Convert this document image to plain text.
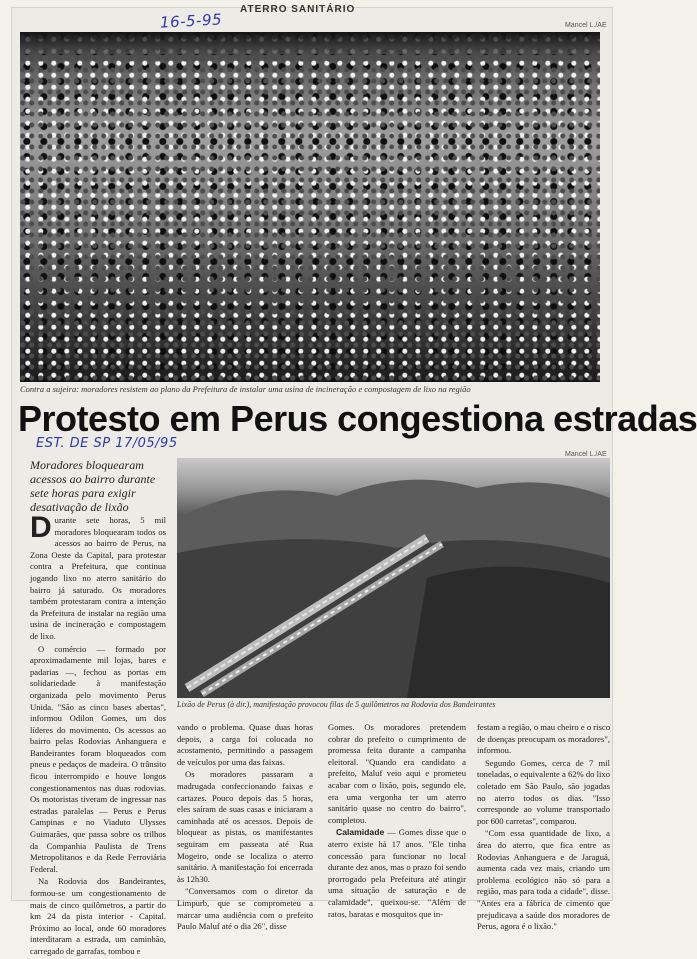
16-5-95
ATERRO SANITÁRIO
Mancel L./AE
Contra a sujeira: moradores resistem ao plano da Prefeitura de instalar uma usina de incineração e compostagem de lixo na região
Protesto em Perus congestiona estradas
EST. DE SP 17/05/95
Mancel L./AE
Moradores bloquearam acessos ao bairro durante sete horas para exigir desativação de lixão
Lixão de Perus (à dir.), manifestação provocou filas de 5 quilômetros na Rodovia dos Bandeirantes

Durante sete horas, 5 mil moradores bloquearam todos os acessos ao bairro de Perus, na Zona Oeste da Capital, para protestar contra a Prefeitura, que continua jogando lixo no aterro sanitário do bairro já saturado. Os moradores também protestaram contra a intenção da Prefeitura de instalar na região uma usina de incineração e compostagem de lixo.

O comércio — formado por aproximadamente mil lojas, bares e padarias —, fechou as portas em solidariedade à manifestação organizada pelo movimento Perus Unida. "São as cinco bases abertas", informou Odilon Gomes, um dos líderes do movimento. Os acessos ao bairro pelas Rodovias Anhanguera e Bandeirantes foram bloqueados com pneus e pedaços de madeira. O trânsito ficou interrompido e houve longos congestionamentos nas duas rodovias. Os motoristas tiveram de ingressar nas estradas paralelas — Perus e Perus Campinas e no Viaduto Ulysses Guimarães, que passa sobre os trilhos da Companhia Paulista de Trens Metropolitanos e da Rede Ferroviária Federal.

Na Rodovia dos Bandeirantes, formou-se um congestionamento de mais de cinco quilômetros, a partir do km 24 da pista interior - Capital. Próximo ao local, onde 60 moradores interditaram a estrada, um caminhão, carregado de garrafas, tombou e

vando o problema. Quase duas horas depois, a carga foi colocada no acostamento, permitindo a passagem de veículos por uma das faixas.

Os moradores passaram a madrugada confeccionando faixas e cartazes. Pouco depois das 5 horas, eles saíram de suas casas e iniciaram a caminhada até os acessos. Depois de bloquear as pistas, os manifestantes seguiram em passeata até Rua Mogeiro, onde se localiza o aterro sanitário. A manifestação foi encerrada às 12h30.

"Conversamos com o diretor da Limpurb, que se comprometeu a marcar uma audiência com o prefeito Paulo Maluf até o dia 26", disse

Gomes. Os moradores pretendem cobrar do prefeito o cumprimento de promessa feita durante a campanha eleitoral. "Quando era candidato a prefeito, Maluf veio aqui e prometeu acabar com o lixão, pois, segundo ele, era uma vergonha ter um aterro sanitário quase no centro do bairro", completou.

Calamidade — Gomes disse que o aterro existe há 17 anos. "Ele tinha concessão para funcionar no local durante dez anos, mas o prazo foi sendo prorrogado pela Prefeitura até atingir uma situação de saturação e de calamidade", queixou-se. "Além de ratos, baratas e mosquitos que in-

festam a região, o mau cheiro e o risco de doenças preocupam os moradores", informou.

Segundo Gomes, cerca de 7 mil toneladas, o equivalente a 62% do lixo coletado em São Paulo, são jogadas no aterro todos os dias. "Isso corresponde ao volume transportado por 600 carretas", comparou.

"Com essa quantidade de lixo, a área do aterro, que fica entre as Rodovias Anhanguera e de Jaraguá, aumenta cada vez mais, criando um problema ecológico não só para a região, mas para toda a cidade", disse. "Antes era a fábrica de cimento que prejudicava a saúde dos moradores de Perus, agora é o lixão."
